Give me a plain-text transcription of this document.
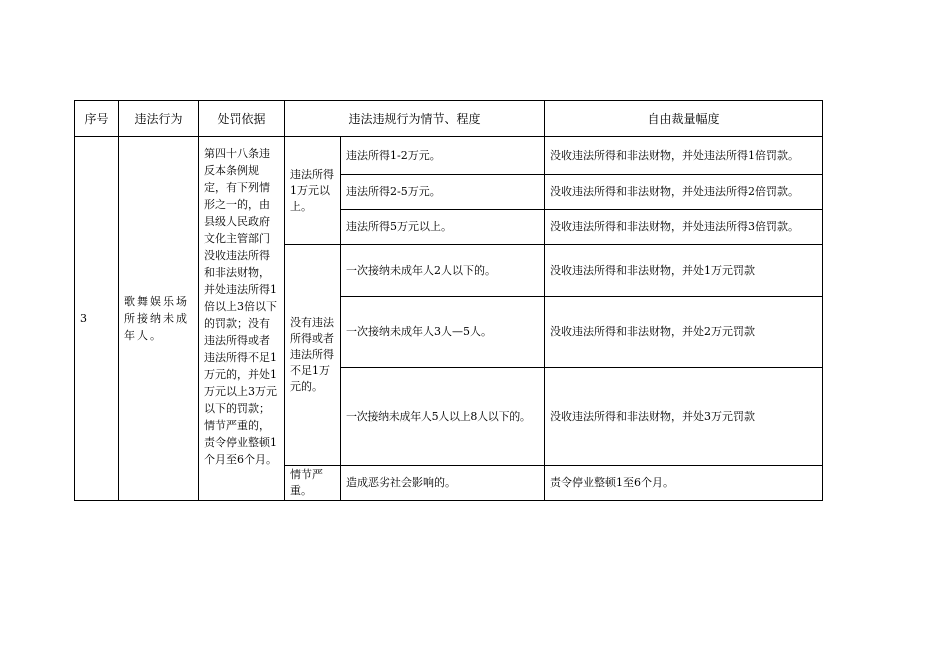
序号	违法行为	处罚依据	违法违规行为情节、程度		自由裁量幅度
3	歌舞娱乐场所接纳未成年人。	第四十八条违反本条例规定，有下列情形之一的，由县级人民政府文化主管部门没收违法所得和非法财物，并处违法所得1倍以上3倍以下的罚款；没有违法所得或者违法所得不足1万元的，并处1万元以上3万元以下的罚款；情节严重的，责令停业整顿1个月至6个月。	违法所得1万元以上。	违法所得1-2万元。	没收违法所得和非法财物，并处违法所得1倍罚款。
				违法所得2-5万元。	没收违法所得和非法财物，并处违法所得2倍罚款。
				违法所得5万元以上。	没收违法所得和非法财物，并处违法所得3倍罚款。
			没有违法所得或者违法所得不足1万元的。	一次接纳未成年人2人以下的。	没收违法所得和非法财物，并处1万元罚款
				一次接纳未成年人3人—5人。	没收违法所得和非法财物，并处2万元罚款
				一次接纳未成年人5人以上8人以下的。	没收违法所得和非法财物，并处3万元罚款
			情节严重。	造成恶劣社会影响的。	责令停业整顿1至6个月。
